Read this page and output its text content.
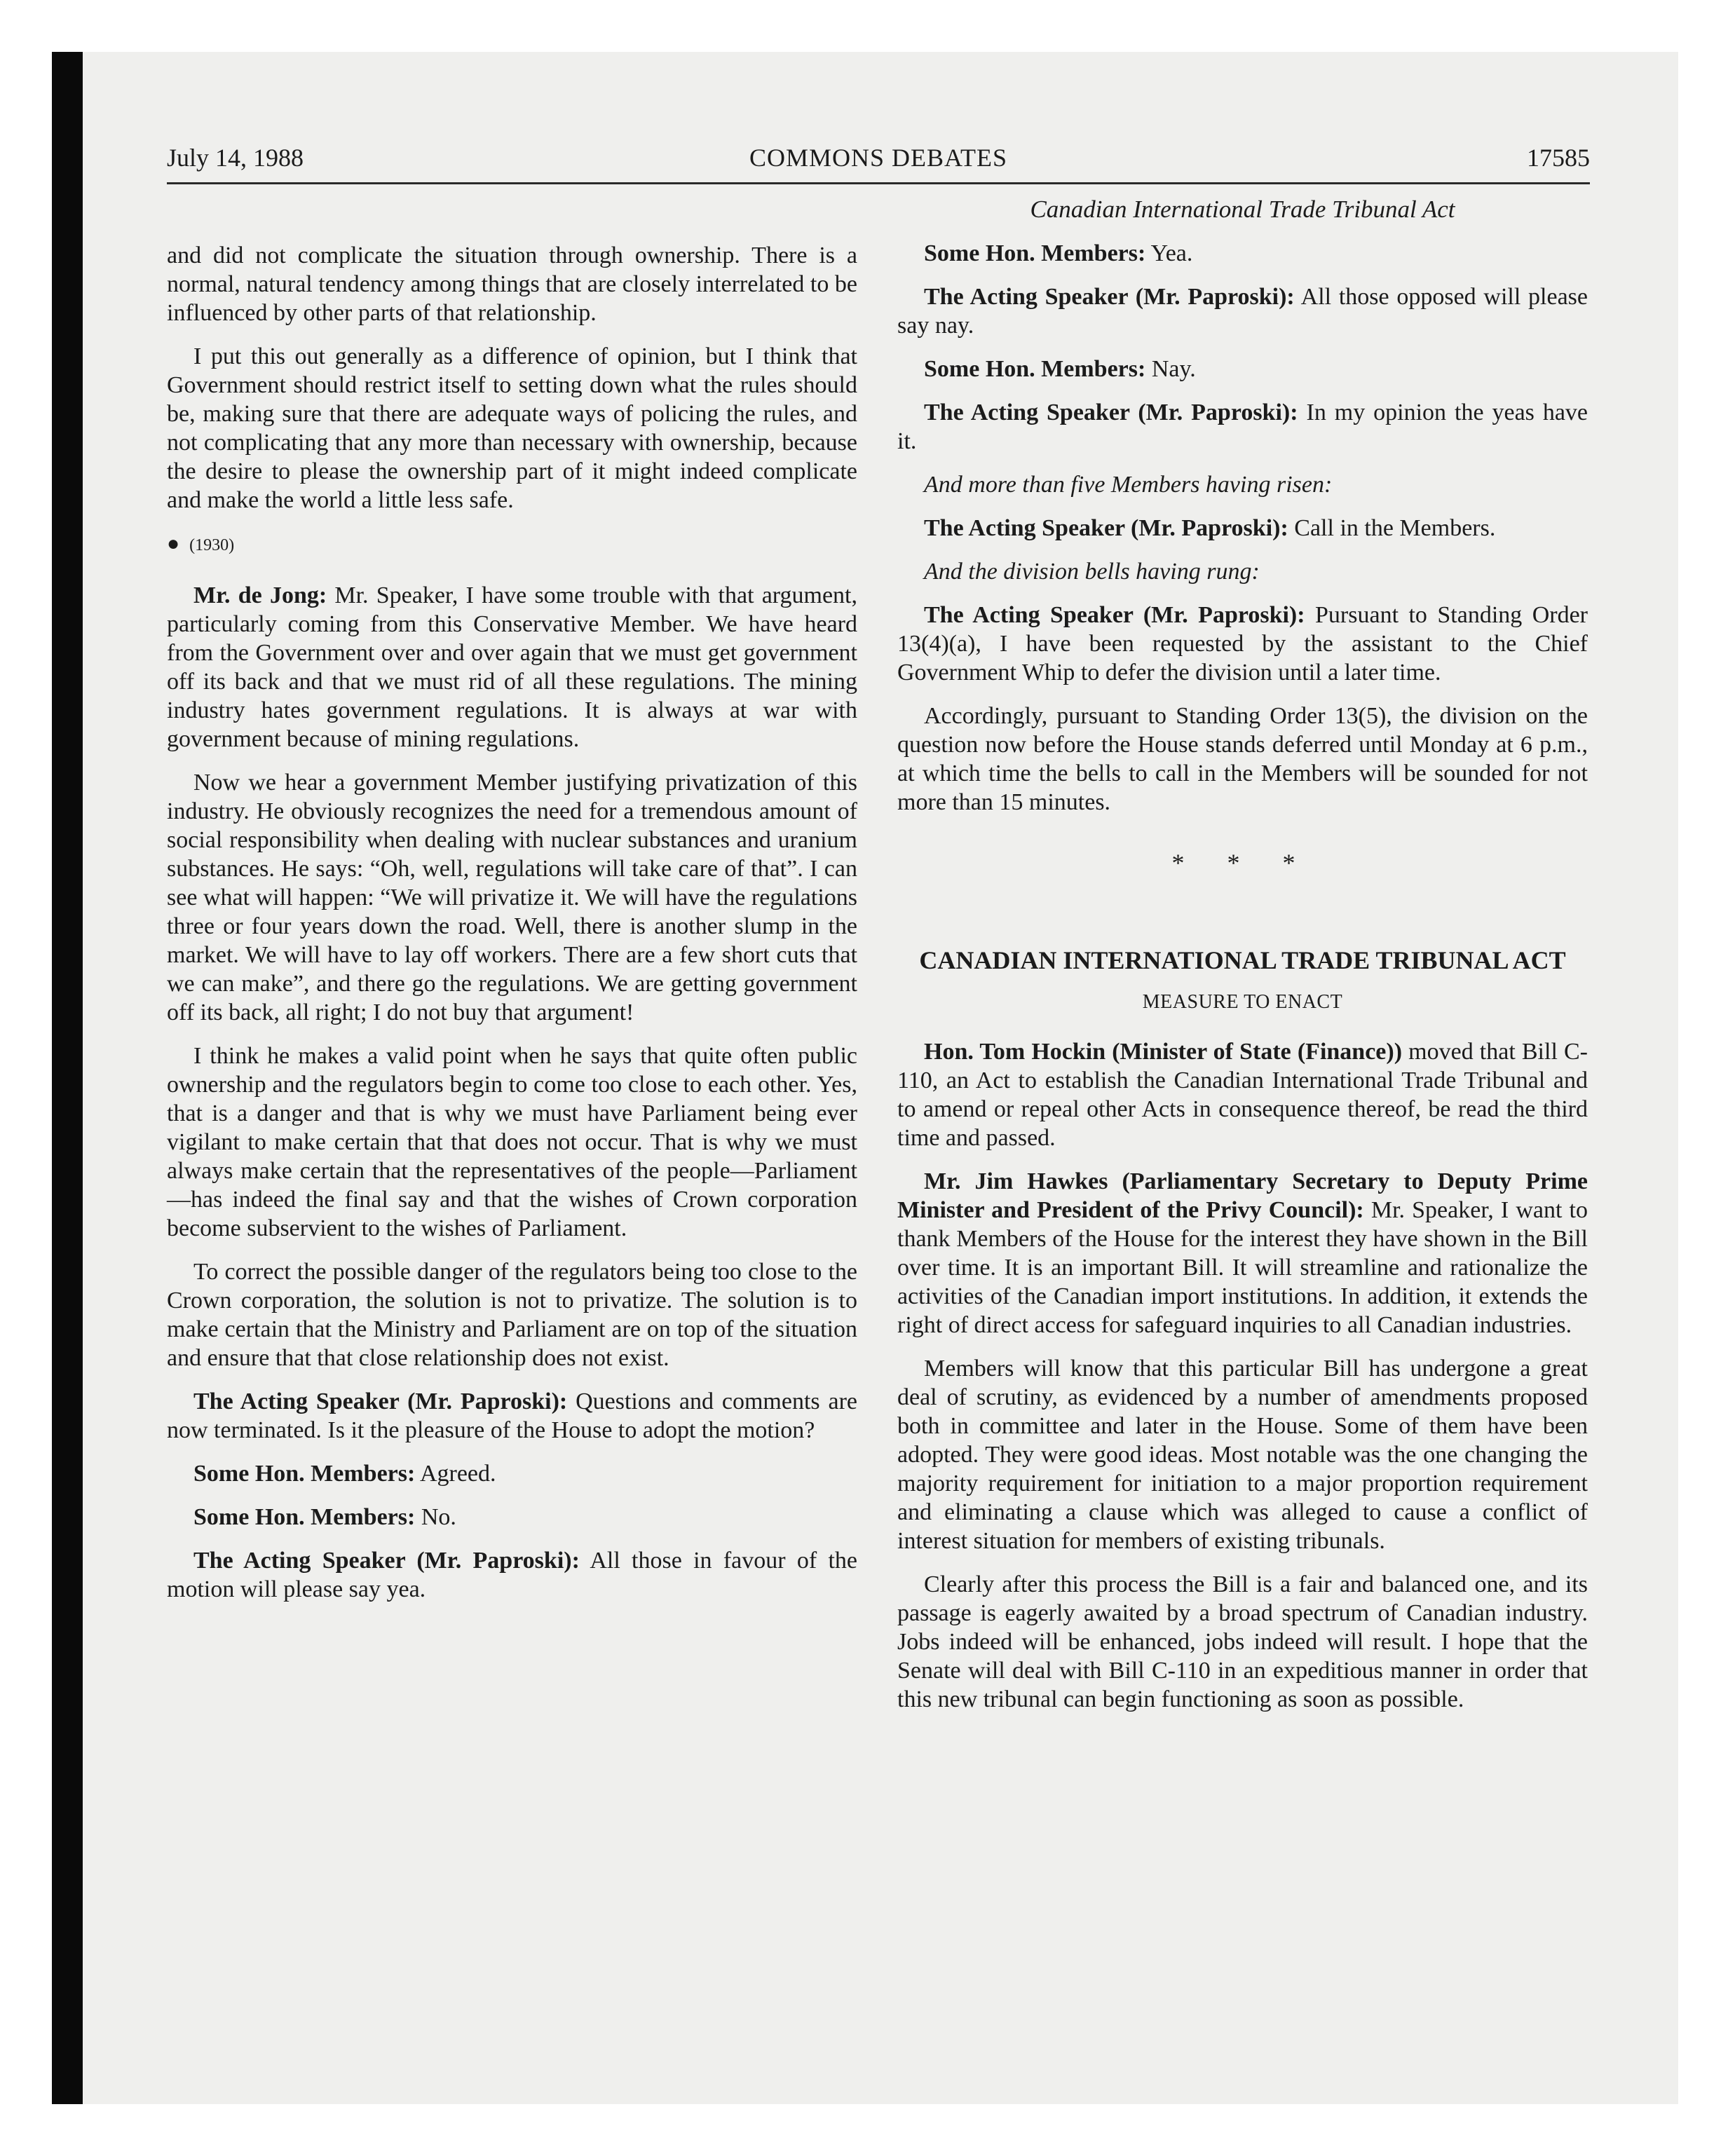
July 14, 1988	COMMONS DEBATES	17585

and did not complicate the situation through ownership. There is a normal, natural tendency among things that are closely interrelated to be influenced by other parts of that relationship.

I put this out generally as a difference of opinion, but I think that Government should restrict itself to setting down what the rules should be, making sure that there are adequate ways of policing the rules, and not complicating that any more than necessary with ownership, because the desire to please the ownership part of it might indeed complicate and make the world a little less safe.

● (1930)

Mr. de Jong: Mr. Speaker, I have some trouble with that argument, particularly coming from this Conservative Member. We have heard from the Government over and over again that we must get government off its back and that we must rid of all these regulations. The mining industry hates government regulations. It is always at war with government because of mining regulations.

Now we hear a government Member justifying privatization of this industry. He obviously recognizes the need for a tremendous amount of social responsibility when dealing with nuclear substances and uranium substances. He says: “Oh, well, regulations will take care of that”. I can see what will happen: “We will privatize it. We will have the regulations three or four years down the road. Well, there is another slump in the market. We will have to lay off workers. There are a few short cuts that we can make”, and there go the regulations. We are getting government off its back, all right; I do not buy that argument!

I think he makes a valid point when he says that quite often public ownership and the regulators begin to come too close to each other. Yes, that is a danger and that is why we must have Parliament being ever vigilant to make certain that that does not occur. That is why we must always make certain that the representatives of the people—Parliament—has indeed the final say and that the wishes of Crown corporation become subservient to the wishes of Parliament.

To correct the possible danger of the regulators being too close to the Crown corporation, the solution is not to privatize. The solution is to make certain that the Ministry and Parliament are on top of the situation and ensure that that close relationship does not exist.

The Acting Speaker (Mr. Paproski): Questions and comments are now terminated. Is it the pleasure of the House to adopt the motion?

Some Hon. Members: Agreed.

Some Hon. Members: No.

The Acting Speaker (Mr. Paproski): All those in favour of the motion will please say yea.

Canadian International Trade Tribunal Act

Some Hon. Members: Yea.

The Acting Speaker (Mr. Paproski): All those opposed will please say nay.

Some Hon. Members: Nay.

The Acting Speaker (Mr. Paproski): In my opinion the yeas have it.

And more than five Members having risen:

The Acting Speaker (Mr. Paproski): Call in the Members.

And the division bells having rung:

The Acting Speaker (Mr. Paproski): Pursuant to Standing Order 13(4)(a), I have been requested by the assistant to the Chief Government Whip to defer the division until a later time.

Accordingly, pursuant to Standing Order 13(5), the division on the question now before the House stands deferred until Monday at 6 p.m., at which time the bells to call in the Members will be sounded for not more than 15 minutes.

* * *

CANADIAN INTERNATIONAL TRADE TRIBUNAL ACT

MEASURE TO ENACT

Hon. Tom Hockin (Minister of State (Finance)) moved that Bill C-110, an Act to establish the Canadian International Trade Tribunal and to amend or repeal other Acts in consequence thereof, be read the third time and passed.

Mr. Jim Hawkes (Parliamentary Secretary to Deputy Prime Minister and President of the Privy Council): Mr. Speaker, I want to thank Members of the House for the interest they have shown in the Bill over time. It is an important Bill. It will streamline and rationalize the activities of the Canadian import institutions. In addition, it extends the right of direct access for safeguard inquiries to all Canadian industries.

Members will know that this particular Bill has undergone a great deal of scrutiny, as evidenced by a number of amendments proposed both in committee and later in the House. Some of them have been adopted. They were good ideas. Most notable was the one changing the majority requirement for initiation to a major proportion requirement and eliminating a clause which was alleged to cause a conflict of interest situation for members of existing tribunals.

Clearly after this process the Bill is a fair and balanced one, and its passage is eagerly awaited by a broad spectrum of Canadian industry. Jobs indeed will be enhanced, jobs indeed will result. I hope that the Senate will deal with Bill C-110 in an expeditious manner in order that this new tribunal can begin functioning as soon as possible.
